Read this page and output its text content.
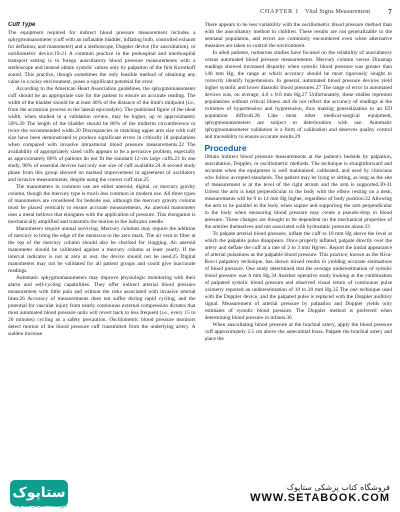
CHAPTER 1 Vital Signs Measurement	7
Cuff Type

The equipment required for indirect blood pressure measurement includes a sphygmomanometer (cuff with an inflatable bladder, inflating bulb, controlled exhaust for deflation, and manometer) and a stethoscope, Doppler device (for auscultation), or oscillometric device.19-21 A common practice in the prehospital and interhospital transport setting is to forego auscultatory blood pressure measurements with a stethoscope and instead obtain systolic values only by palpation of the first Korotkoff sound. This practice, though sometimes the only feasible method of obtaining any value in a noisy environment, poses a significant potential for error.

According to the American Heart Association guidelines, the sphygmomanometer cuff should be an appropriate size for the patient to ensure an accurate reading. The width of the bladder should be at least 40% of the distance of the limb's midpoint (i.e., from the acromion process to the lateral epicondyle). The published figure of the ideal width, when studied in a validation review, may be higher, up to approximately 50%.20 The length of the bladder should be 80% of the midterm circumference or twice the recommended width.20 Discrepancies in matching upper arm size with cuff size have been demonstrated to produce significant errors in critically ill populations when compared with invasive intraarterial blood pressure measurements.22 The availability of appropriately sized cuffs appears to be a pervasive problem, especially as approximately 80% of patients do not fit the standard 12-cm large cuffs.23 In one study, 90% of essential devices had only one size of cuff available.24 A second study phase from this group showed no marked improvement in agreement of oscillatory and invasive measurements, despite using the correct cuff size.25

The manometers in common use are either aneroid, digital, or mercury gravity column, though the mercury type is much less common in modern use. All three types of manometers are considered for bedside use, although the mercury gravity column must be placed vertically to ensure accurate measurements. An aneroid manometer uses a metal bellows that elongates with the application of pressure. This elongation is mechanically amplified and transmits the motion to the indicator needle.

Manometers require annual servicing. Mercury columns may require the addition of mercury to bring the edge of the meniscus to the zero mark. The air vent or filter at the top of the mercury column should also be checked for clogging. An aneroid manometer should be calibrated against a mercury column at least yearly. If the interval indicator is not at zero at rest, the device should not be used.25 Digital manometers may not be validated for all patient groups and could give inaccurate readings.

Automatic sphygmomanometers may improve physiologic monitoring with their alarm and self-cycling capabilities. They offer indirect arterial blood pressure measurement with little pain and without the risks associated with invasive arterial lines.26 Accuracy of measurements does not suffer during rapid cycling, and the potential for vascular injury from nearly continuous external compression dictates that most automated blood pressure units will revert back to less frequent (i.e., every 15 to 20 minutes) cycling as a safety precaution. Oscillometric blood pressure monitors detect motion of the blood pressure cuff transmitted from the underlying artery. A sudden increase

There appears to be less variability with the oscillometric blood pressure method than with the auscultatory method in children. These results are not generalizable to the neonatal population, and errors are commonly encountered even when alternative measures are taken to control the environment.

In adult patients, numerous studies have focused on the reliability of auscultatory versus automated blood pressure measurements. Mercury column versus Dinamap readings showed increased disparity when systolic blood pressure was greater than 140 mm Hg, the range at which accuracy should be most rigorously sought to correctly identify hypertension. In general, automated blood pressure devices yield higher systolic and lower diastolic blood pressures.27 The range of error in automated devices was, on average, 4.0 ± 8.6 mm Hg.27 Unfortunately, these studies represent populations without critical illness and do not reflect the accuracy of readings at the extremes of hypertension and hypotension, thus making generalization to an ED population difficult.28 Like most other medical-surgical equipment, sphygmomanometers are subject to deterioration with use. Automatic sphygmomanometer validation is a form of calibration and deserves quality control and traceability to ensure accurate results.29

Procedure

Obtain indirect blood pressure measurements at the patient's bedside by palpation, auscultation, Doppler, or oscillometric methods. The technique is straightforward and accurate when the equipment is well maintained, calibrated, and used by clinicians who follow accepted standards. The patient may be lying or sitting, as long as the site of measurement is at the level of the right atrium and the arm is supported.30-31 Unless the arm is kept perpendicular to the body with the elbow resting on a desk, measurements will be 9 to 14 mm Hg higher, regardless of body position.32 Allowing the arm to be parallel to the body when supine and supporting the arm perpendicular to the body when measuring blood pressure may create a pseudo-drop in blood pressure. These changes are thought to be dependent on the mechanical properties of the arteries themselves and not associated with hydrostatic pressure alone.33

To palpate arterial blood pressure, inflate the cuff to 10 mm Hg above the level at which the palpable pulse disappears. Once properly inflated, palpate directly over the artery and deflate the cuff at a rate of 2 to 3 mm Hg/sec. Report the initial appearance of arterial pulsations as the palpable blood pressure. This practice, known as the Riva-Rocci palpatory technique, has shown mixed results in yielding accurate estimations of blood pressure. One study determined that the average underestimation of systolic blood pressure was 6 mm Hg.34 Another operative study looking at the combination of palpated systolic blood pressure and observed visual return of continuous pulse oximetry reported an underestimation of 10 to 20 mm Hg.35 The one technique used with the Doppler device, and the palpated pulse is replaced with the Doppler auditory signal. Measurement of arterial pressure by palpation and Doppler yields only estimates of systolic blood pressure. The Doppler method is preferred when determining blood pressure in infants.36

When auscultating blood pressure at the brachial artery, apply the blood pressure cuff approximately 2.5 cm above the antecubital fossa. Palpate the brachial artery and place the

ستاپوک
فروشگاه اینترنتی ستاپوک
فروشگاه کتاب پزشکی ستاپوک
WWW.SETABOOK.COM
